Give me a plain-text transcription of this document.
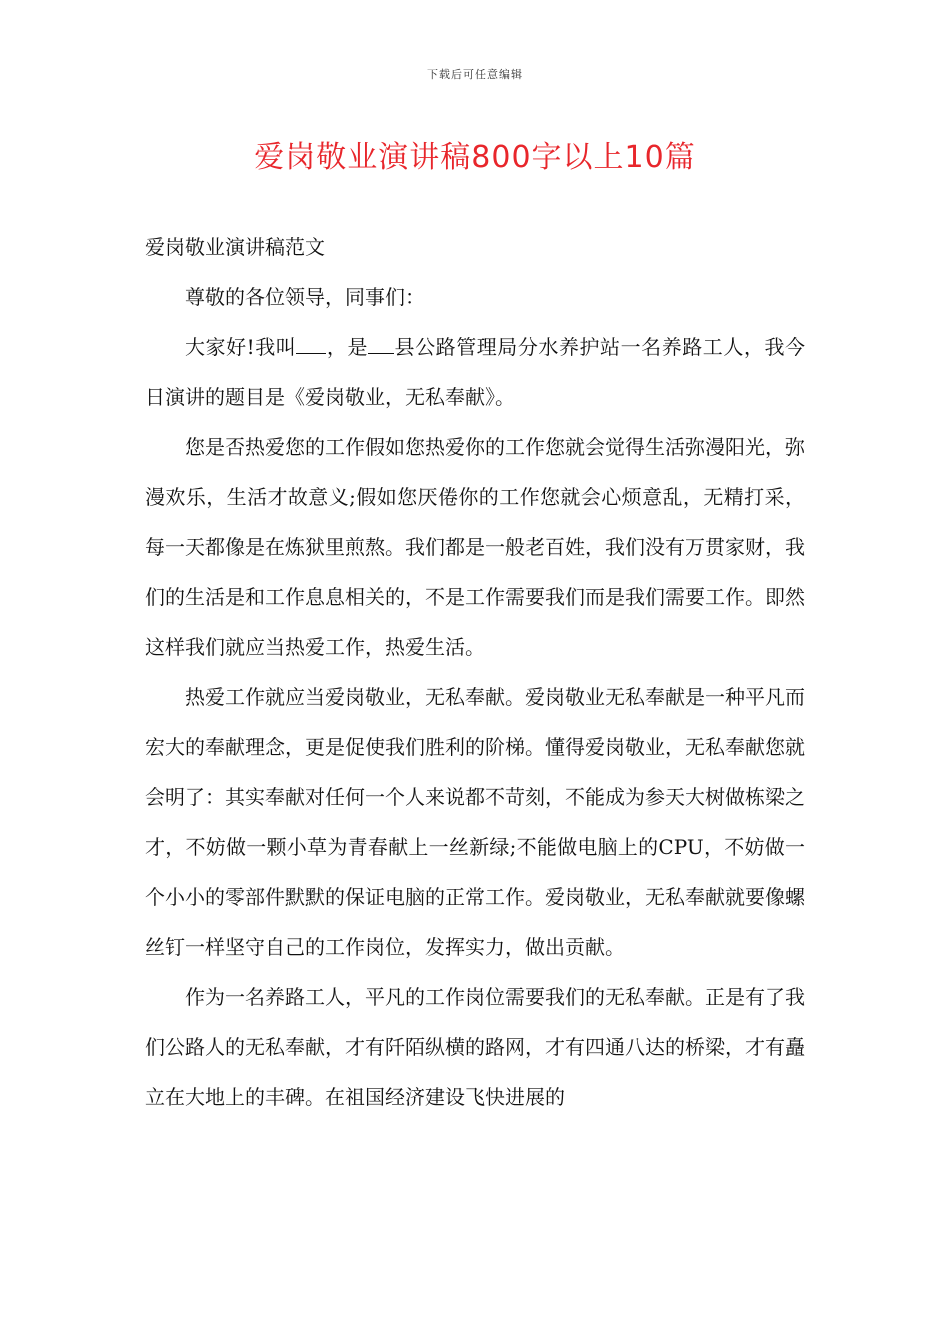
下载后可任意编辑
爱岗敬业演讲稿800字以上10篇

爱岗敬业演讲稿范文

尊敬的各位领导，同事们：

大家好!我叫 ，是 县公路管理局分水养护站一名养路工人，我今日演讲的题目是《爱岗敬业，无私奉献》。

您是否热爱您的工作假如您热爱你的工作您就会觉得生活弥漫阳光，弥漫欢乐，生活才故意义;假如您厌倦你的工作您就会心烦意乱，无精打采，每一天都像是在炼狱里煎熬。我们都是一般老百姓，我们没有万贯家财，我们的生活是和工作息息相关的，不是工作需要我们而是我们需要工作。即然这样我们就应当热爱工作，热爱生活。

热爱工作就应当爱岗敬业，无私奉献。爱岗敬业无私奉献是一种平凡而宏大的奉献理念，更是促使我们胜利的阶梯。懂得爱岗敬业，无私奉献您就会明了：其实奉献对任何一个人来说都不苛刻，不能成为参天大树做栋梁之才，不妨做一颗小草为青春献上一丝新绿;不能做电脑上的CPU，不妨做一个小小的零部件默默的保证电脑的正常工作。爱岗敬业，无私奉献就要像螺丝钉一样坚守自己的工作岗位，发挥实力，做出贡献。

作为一名养路工人，平凡的工作岗位需要我们的无私奉献。正是有了我们公路人的无私奉献，才有阡陌纵横的路网，才有四通八达的桥梁，才有矗立在大地上的丰碑。在祖国经济建设飞快进展的
